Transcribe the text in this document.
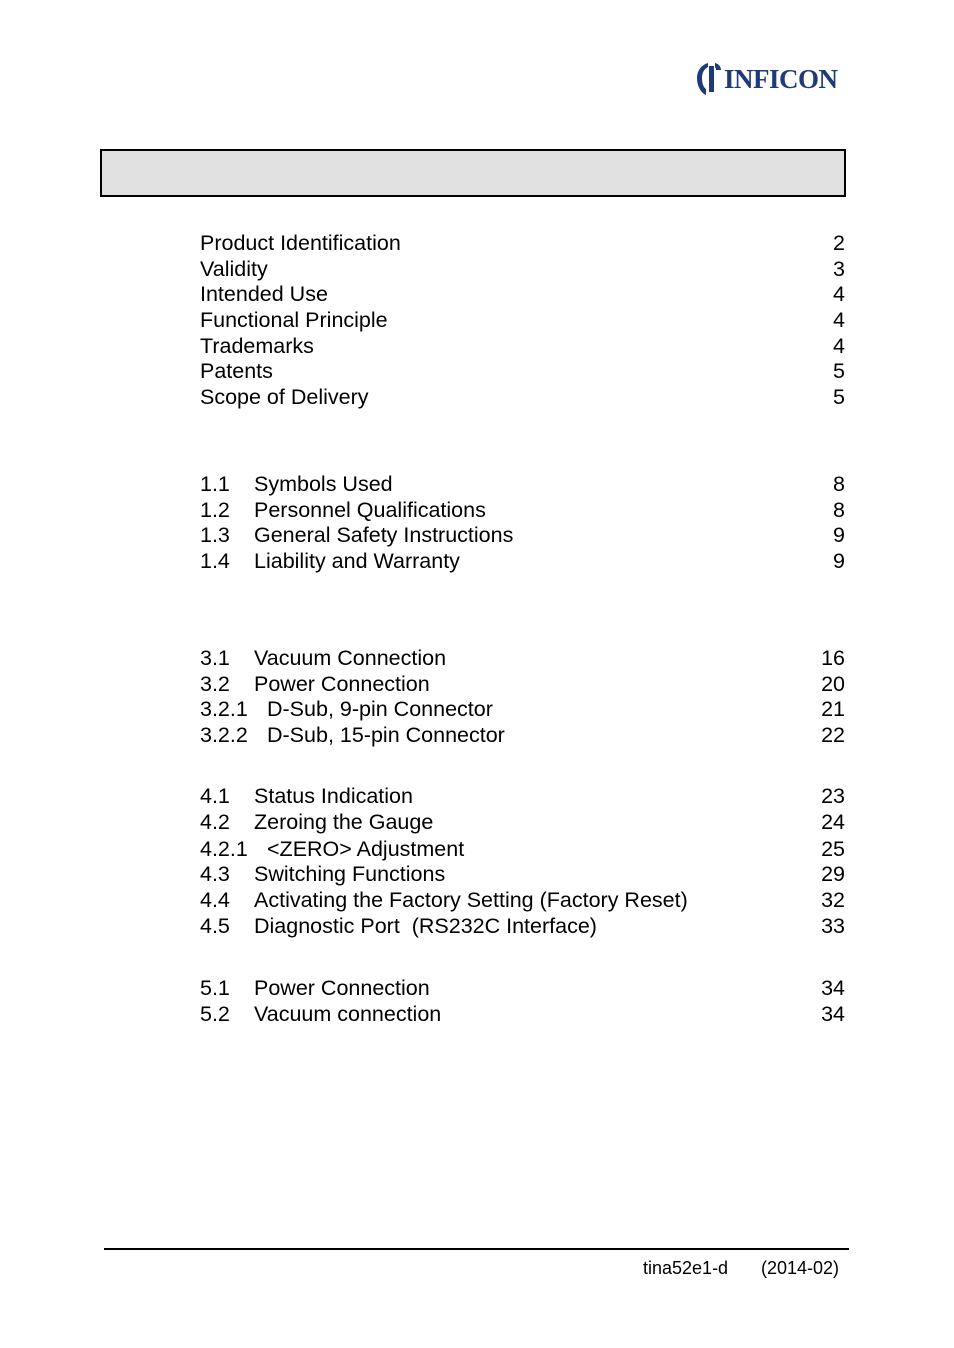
INFICON
Product Identification	2
Validity	3
Intended Use	4
Functional Principle	4
Trademarks	4
Patents	5
Scope of Delivery	5
1.1 Symbols Used	8
1.2 Personnel Qualifications	8
1.3 General Safety Instructions	9
1.4 Liability and Warranty	9
3.1 Vacuum Connection	16
3.2 Power Connection	20
3.2.1 D-Sub, 9-pin Connector	21
3.2.2 D-Sub, 15-pin Connector	22
4.1 Status Indication	23
4.2 Zeroing the Gauge	24
4.2.1 <ZERO> Adjustment	25
4.3 Switching Functions	29
4.4 Activating the Factory Setting (Factory Reset)	32
4.5 Diagnostic Port  (RS232C Interface)	33
5.1 Power Connection	34
5.2 Vacuum connection	34
tina52e1-d (2014-02)
